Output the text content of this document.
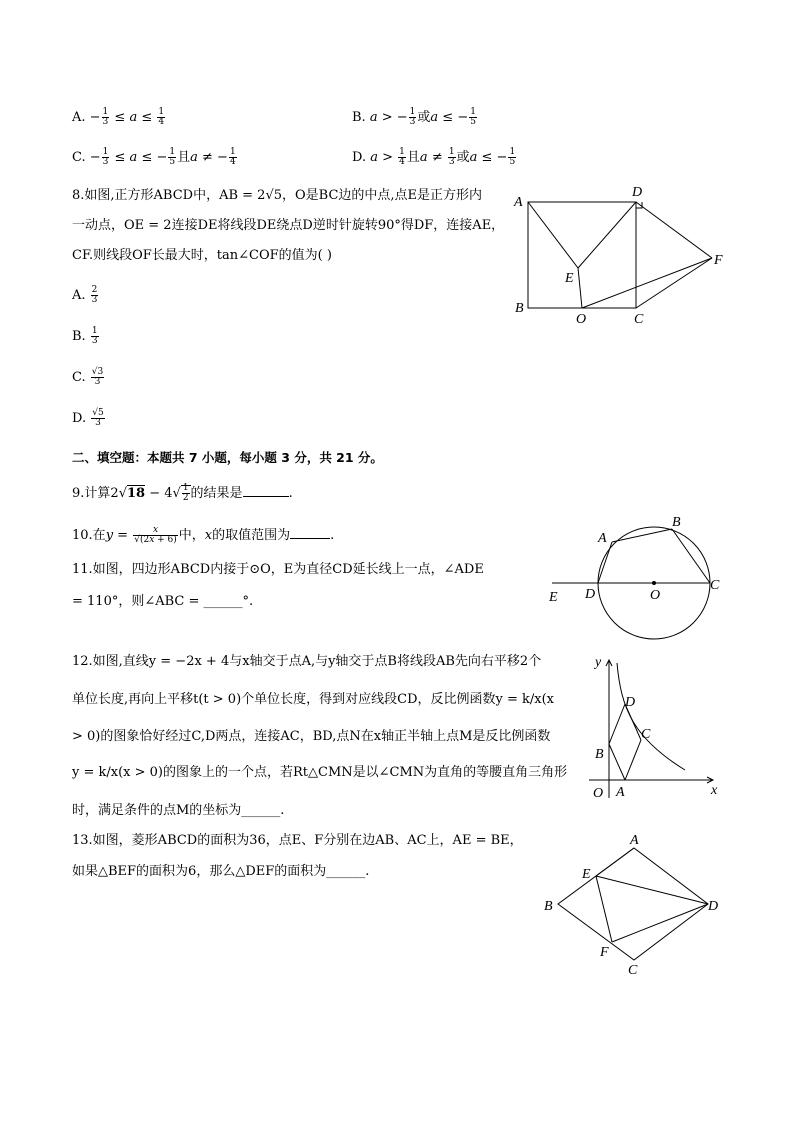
A. − $\frac{1}{3} \le a \le \frac{1}{4}$	B. a > − $\frac{1}{3}$ 或a ≤ − $\frac{1}{5}$
C. − $\frac{1}{3} \le a$ ≤ − $\frac{1}{5}$ 且a ≠ − $\frac{1}{4}$	D. $a > \frac{1}{4}$ 且$a \ne \frac{1}{3}$ 或a ≤ − $\frac{1}{5}$
8.如图,正方形ABCD中，AB = 2√5，O是BC边的中点,点E是正方形内
一动点，OE = 2连接DE将线段DE绕点D逆时针旋转90°得DF，连接AE，
CF.则线段OF长最大时，tan∠COF的值为( )
A. $\frac{2}{3}$
B. $\frac{1}{3}$
C. $\frac{√3}{3}$
D. $\frac{√5}{3}$
A
D
F
E
B
O	C
二、填空题：本题共 7 小题，每小题 3 分，共 21 分。
9.计算$2√18 - 4√ \frac{1}{2}$ 的结果是	.
10.在$y = \frac{x}{√(2x + 6)}$ 中，x的取值范围为	.
11.如图，四边形ABCD内接于⊙O，E为直径CD延长线上一点，∠ADE
= 110°，则∠ABC = ______°.
A
B
E D	O
C
12.如图,直线y = −2x + 4与x轴交于点A,与y轴交于点B将线段AB先向右平移2个
单位长度,再向上平移t(t > 0)个单位长度，得到对应线段CD，反比例函数y = k/x(x
> 0)的图象恰好经过C,D两点，连接AC，BD,点N在x轴正半轴上点M是反比例函数
y = k/x(x > 0)的图象上的一个点，若Rt△CMN是以∠CMN为直角的等腰直角三角形
时，满足条件的点M的坐标为______.
y
D
C
B
O A	x
13.如图，菱形ABCD的面积为36，点E、F分别在边AB、AC上，AE = BE，
如果△BEF的面积为6，那么△DEF的面积为______.
A
E
B	D
F
C
